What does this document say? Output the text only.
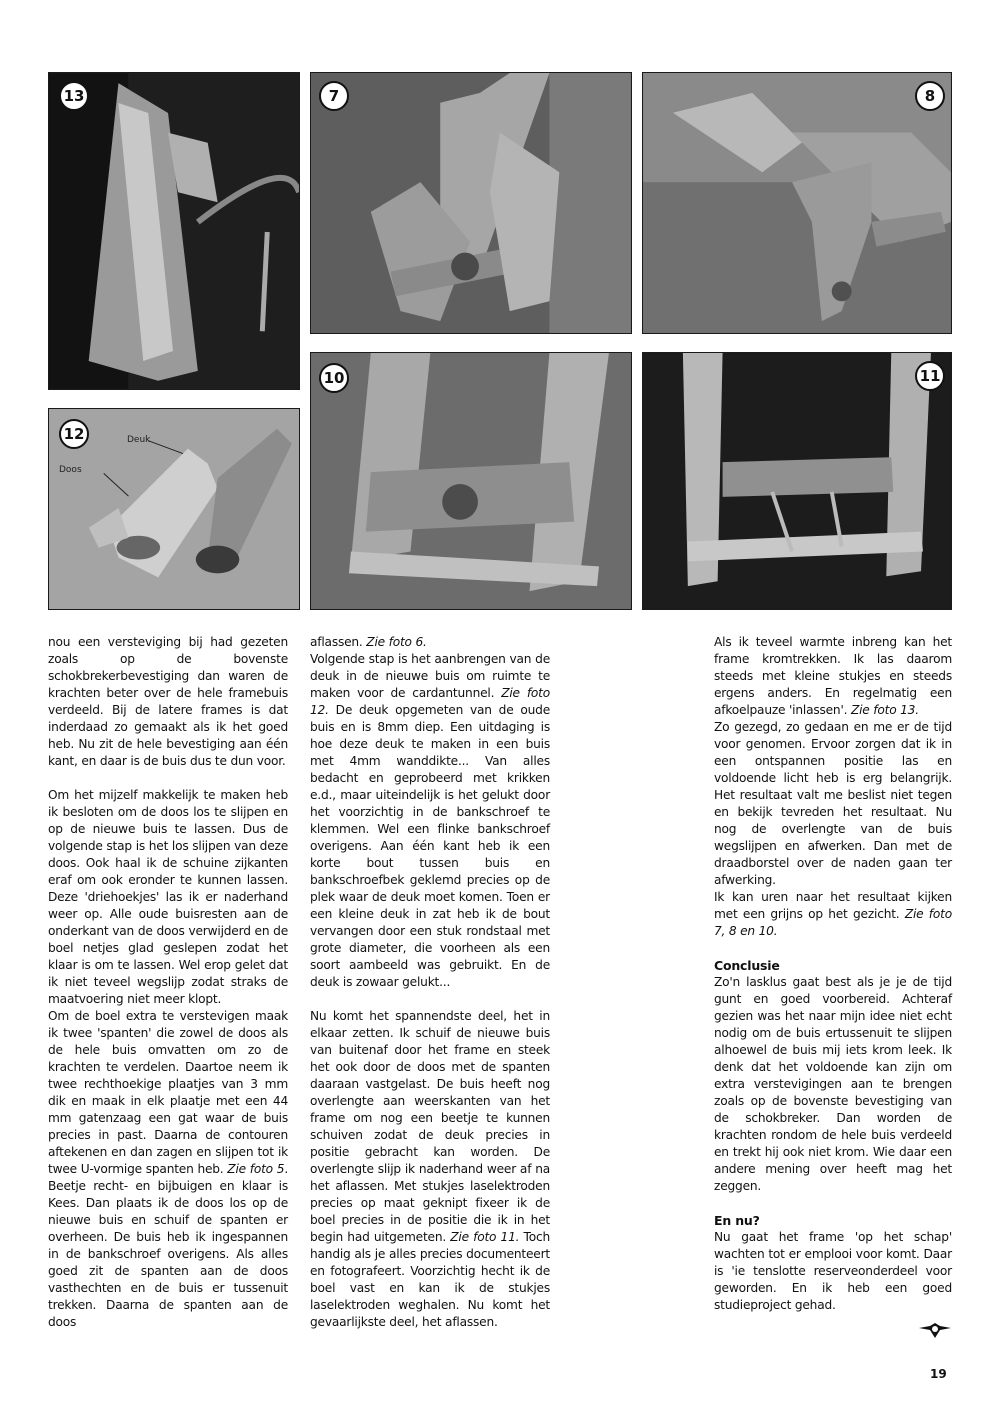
13	7	8
12	Deuk
Doos
10	11

nou een versteviging bij had gezeten zoals op de bovenste schokbrekerbevestiging dan waren de krachten beter over de hele framebuis verdeeld. Bij de latere frames is dat inderdaad zo gemaakt als ik het goed heb. Nu zit de hele bevestiging aan één kant, en daar is de buis dus te dun voor.

Om het mijzelf makkelijk te maken heb ik besloten om de doos los te slijpen en op de nieuwe buis te lassen. Dus de volgende stap is het los slijpen van deze doos. Ook haal ik de schuine zijkanten eraf om ook eronder te kunnen lassen. Deze 'driehoekjes' las ik er naderhand weer op. Alle oude buisresten aan de onderkant van de doos verwijderd en de boel netjes glad geslepen zodat het klaar is om te lassen. Wel erop gelet dat ik niet teveel wegslijp zodat straks de maatvoering niet meer klopt.

Om de boel extra te verstevigen maak ik twee 'spanten' die zowel de doos als de hele buis omvatten om zo de krachten te verdelen. Daartoe neem ik twee rechthoekige plaatjes van 3 mm dik en maak in elk plaatje met een 44 mm gatenzaag een gat waar de buis precies in past. Daarna de contouren aftekenen en dan zagen en slijpen tot ik twee U-vormige spanten heb. Zie foto 5. Beetje recht- en bijbuigen en klaar is Kees. Dan plaats ik de doos los op de nieuwe buis en schuif de spanten er overheen. De buis heb ik ingespannen in de bankschroef overigens. Als alles goed zit de spanten aan de doos vasthechten en de buis er tussenuit trekken. Daarna de spanten aan de doos

aflassen. Zie foto 6.

Volgende stap is het aanbrengen van de deuk in de nieuwe buis om ruimte te maken voor de cardantunnel. Zie foto 12. De deuk opgemeten van de oude buis en is 8mm diep. Een uitdaging is hoe deze deuk te maken in een buis met 4mm wanddikte... Van alles bedacht en geprobeerd met krikken e.d., maar uiteindelijk is het gelukt door het voorzichtig in de bankschroef te klemmen. Wel een flinke bankschroef overigens. Aan één kant heb ik een korte bout tussen buis en bankschroefbek geklemd precies op de plek waar de deuk moet komen. Toen er een kleine deuk in zat heb ik de bout vervangen door een stuk rondstaal met grote diameter, die voorheen als een soort aambeeld was gebruikt. En de deuk is zowaar gelukt...

Nu komt het spannendste deel, het in elkaar zetten. Ik schuif de nieuwe buis van buitenaf door het frame en steek het ook door de doos met de spanten daaraan vastgelast. De buis heeft nog overlengte aan weerskanten van het frame om nog een beetje te kunnen schuiven zodat de deuk precies in positie gebracht kan worden. De overlengte slijp ik naderhand weer af na het aflassen. Met stukjes laselektroden precies op maat geknipt fixeer ik de boel precies in de positie die ik in het begin had uitgemeten. Zie foto 11. Toch handig als je alles precies documenteert en fotografeert. Voorzichtig hecht ik de boel vast en kan ik de stukjes laselektroden weghalen. Nu komt het gevaarlijkste deel, het aflassen.

Als ik teveel warmte inbreng kan het frame kromtrekken. Ik las daarom steeds met kleine stukjes en steeds ergens anders. En regelmatig een afkoelpauze 'inlassen'. Zie foto 13.

Zo gezegd, zo gedaan en me er de tijd voor genomen. Ervoor zorgen dat ik in een ontspannen positie las en voldoende licht heb is erg belangrijk. Het resultaat valt me beslist niet tegen en bekijk tevreden het resultaat. Nu nog de overlengte van de buis wegslijpen en afwerken. Dan met de draadborstel over de naden gaan ter afwerking.

Ik kan uren naar het resultaat kijken met een grijns op het gezicht. Zie foto 7, 8 en 10.

Conclusie

Zo'n lasklus gaat best als je je de tijd gunt en goed voorbereid. Achteraf gezien was het naar mijn idee niet echt nodig om de buis ertussenuit te slijpen alhoewel de buis mij iets krom leek. Ik denk dat het voldoende kan zijn om extra verstevigingen aan te brengen zoals op de bovenste bevestiging van de schokbreker. Dan worden de krachten rondom de hele buis verdeeld en trekt hij ook niet krom. Wie daar een andere mening over heeft mag het zeggen.

En nu?

Nu gaat het frame 'op het schap' wachten tot er emplooi voor komt. Daar is 'ie tenslotte reserveonderdeel voor geworden. En ik heb een goed studieproject gehad.

19
